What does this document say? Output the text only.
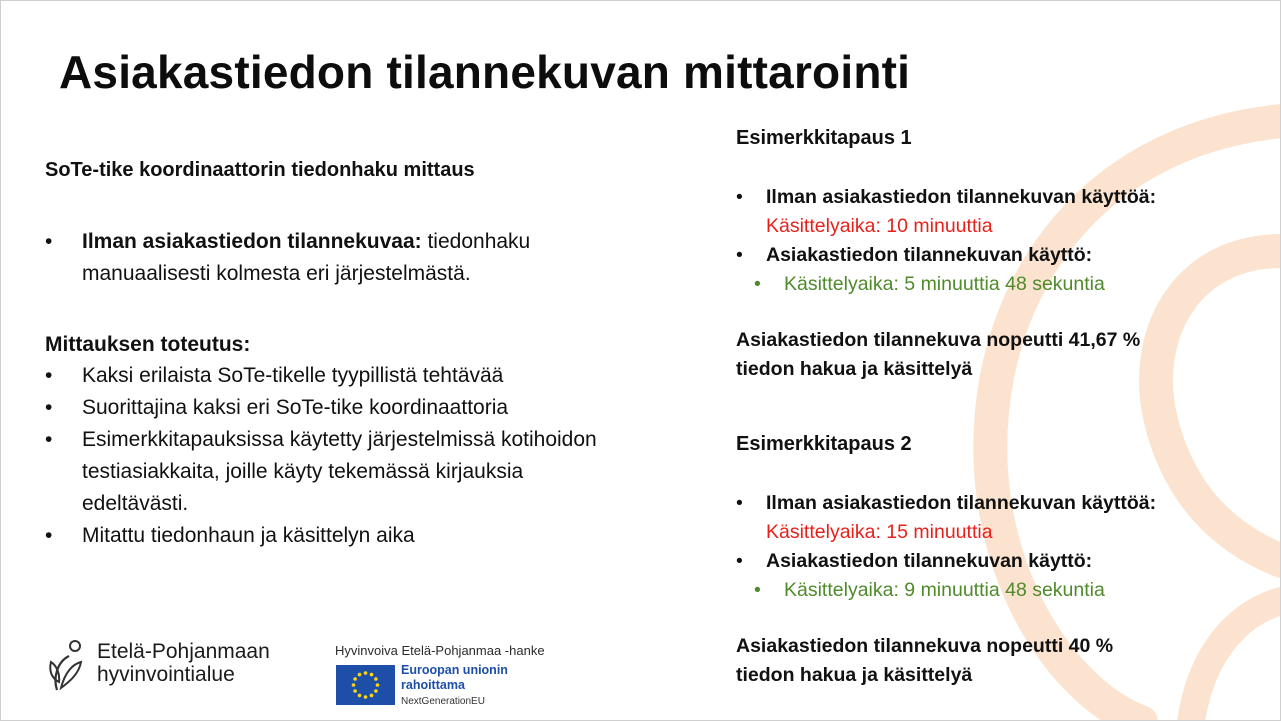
Asiakastiedon tilannekuvan mittarointi

SoTe-tike koordinaattorin tiedonhaku mittaus

• Ilman asiakastiedon tilannekuvaa: tiedonhaku manuaalisesti kolmesta eri järjestelmästä.

Mittauksen toteutus:

• Kaksi erilaista SoTe-tikelle tyypillistä tehtävää
• Suorittajina kaksi eri SoTe-tike koordinaattoria
• Esimerkkitapauksissa käytetty järjestelmissä kotihoidon testiasiakkaita, joille käyty tekemässä kirjauksia edeltävästi.
• Mitattu tiedonhaun ja käsittelyn aika

Esimerkkitapaus 1

• Ilman asiakastiedon tilannekuvan käyttöä:
Käsittelyaika: 10 minuuttia
• Asiakastiedon tilannekuvan käyttö:
• Käsittelyaika: 5 minuuttia 48 sekuntia

Asiakastiedon tilannekuva nopeutti 41,67 %

tiedon hakua ja käsittelyä

Esimerkkitapaus 2

• Ilman asiakastiedon tilannekuvan käyttöä:
Käsittelyaika: 15 minuuttia
• Asiakastiedon tilannekuvan käyttö:
• Käsittelyaika: 9 minuuttia 48 sekuntia

Asiakastiedon tilannekuva nopeutti 40 %

tiedon hakua ja käsittelyä

Etelä-Pohjanmaan
hyvinvointialue
Hyvinvoiva Etelä-Pohjanmaa -hanke
Euroopan unionin
rahoittama
NextGenerationEU
